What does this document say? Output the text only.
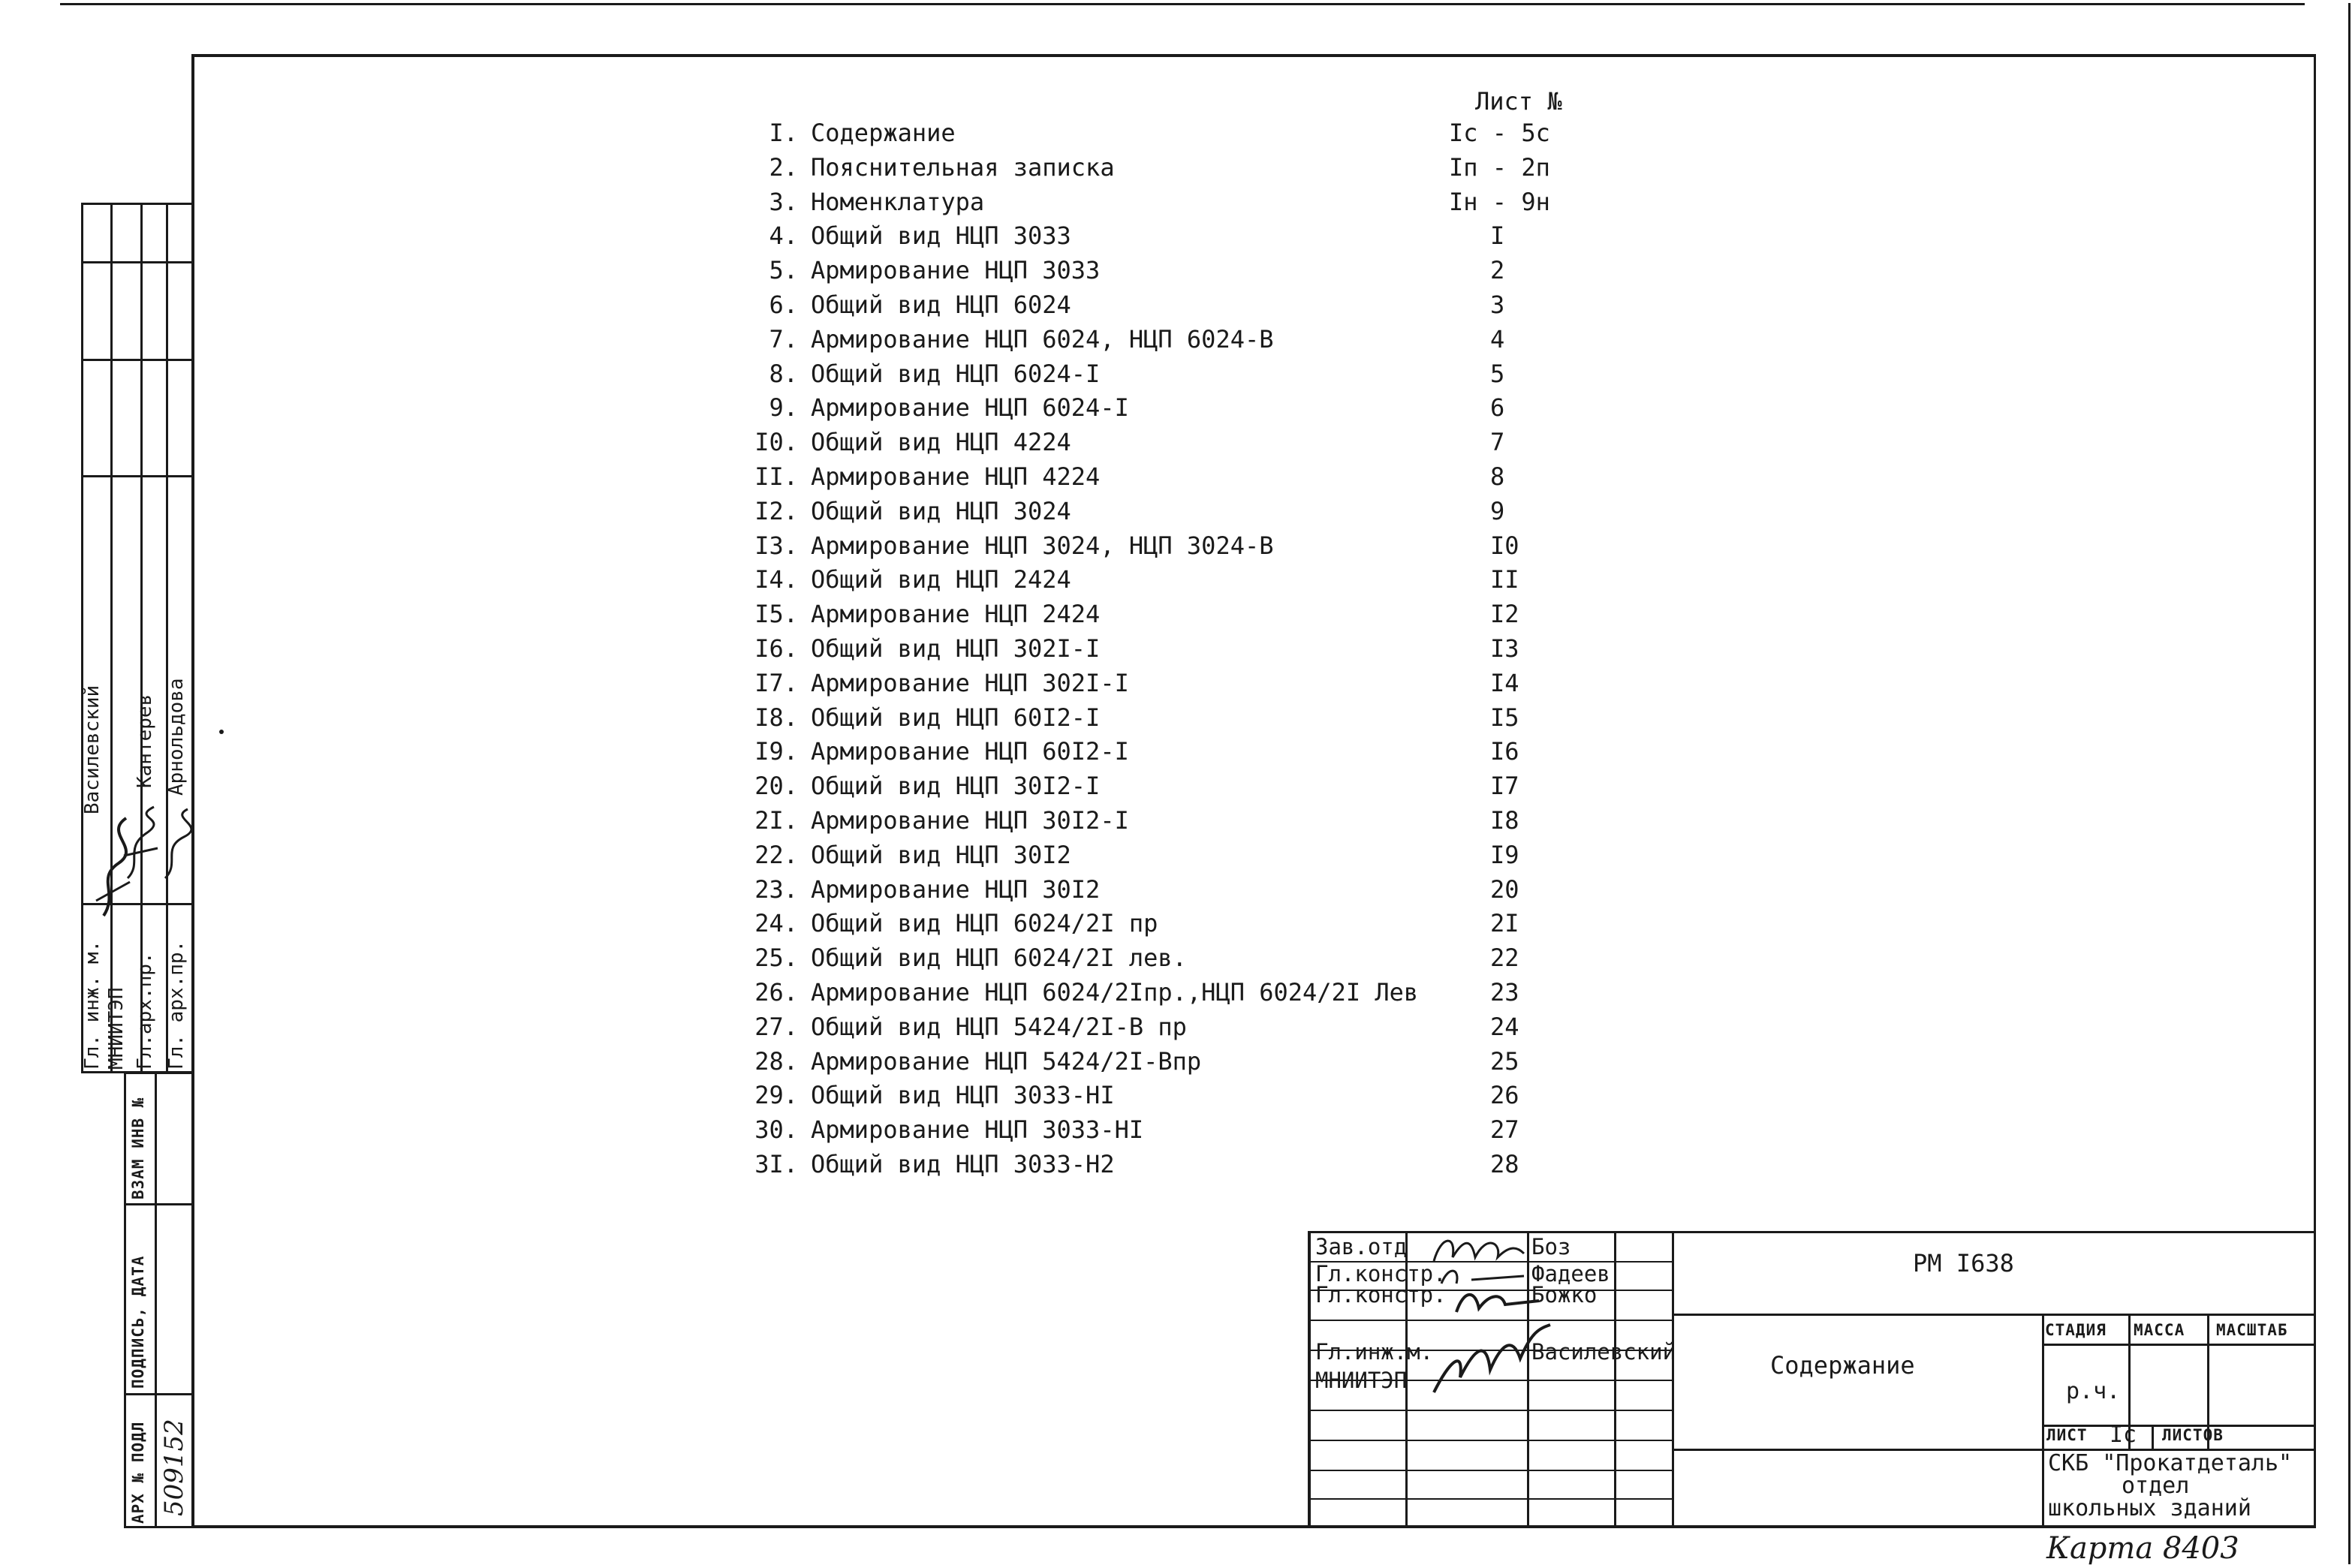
Лист №
I. Содержание	Iс - 5с
2. Пояснительная записка	Iп - 2п
3. Номенклатура	Iн - 9н
4. Общий вид НЦП 3033	I
5. Армирование НЦП 3033	2
6. Общий вид НЦП 6024	3
7. Армирование НЦП 6024, НЦП 6024-В	4
8. Общий вид НЦП 6024-I	5
9. Армирование НЦП 6024-I	6
I0. Общий вид НЦП 4224	7
II. Армирование НЦП 4224	8
I2. Общий вид НЦП 3024	9
I3. Армирование НЦП 3024, НЦП 3024-В	I0
I4. Общий вид НЦП 2424	II
I5. Армирование НЦП 2424	I2
I6. Общий вид НЦП 302I-I	I3
I7. Армирование НЦП 302I-I	I4
I8. Общий вид НЦП 60I2-I	I5
I9. Армирование НЦП 60I2-I	I6
20. Общий вид НЦП 30I2-I	I7
2I. Армирование НЦП 30I2-I	I8
22. Общий вид НЦП 30I2	I9
23. Армирование НЦП 30I2	20
24. Общий вид НЦП 6024/2I пр	2I
25. Общий вид НЦП 6024/2I лев.	22
26. Армирование НЦП 6024/2Iпр.,НЦП 6024/2I Лев	23
27. Общий вид НЦП 5424/2I-В пр	24
28. Армирование НЦП 5424/2I-Впр	25
29. Общий вид НЦП 3033-НI	26
30. Армирование НЦП 3033-НI	27
3I. Общий вид НЦП 3033-Н2	28
Гл. инж. м. МНИИТЭП
Василевский
Гл.арх.пр.
Кантерев
Гл. арх.пр.
Арнольдова
ВЗАМ ИНВ №
ПОДПИСЬ, ДАТА
АРХ № ПОДЛ 509152
Зав.отд	Боз
Гл.констр.	Фадеев
Гл.констр.	Божко
Гл.инж.м.	Василевский
МНИИТЭП
РМ I638
Содержание
СТАДИЯ МАССА МАСШТАБ
р.ч.
ЛИСТ Iс ЛИСТОВ
СКБ "Прокатдеталь"
отдел
школьных зданий
Карта 8403
